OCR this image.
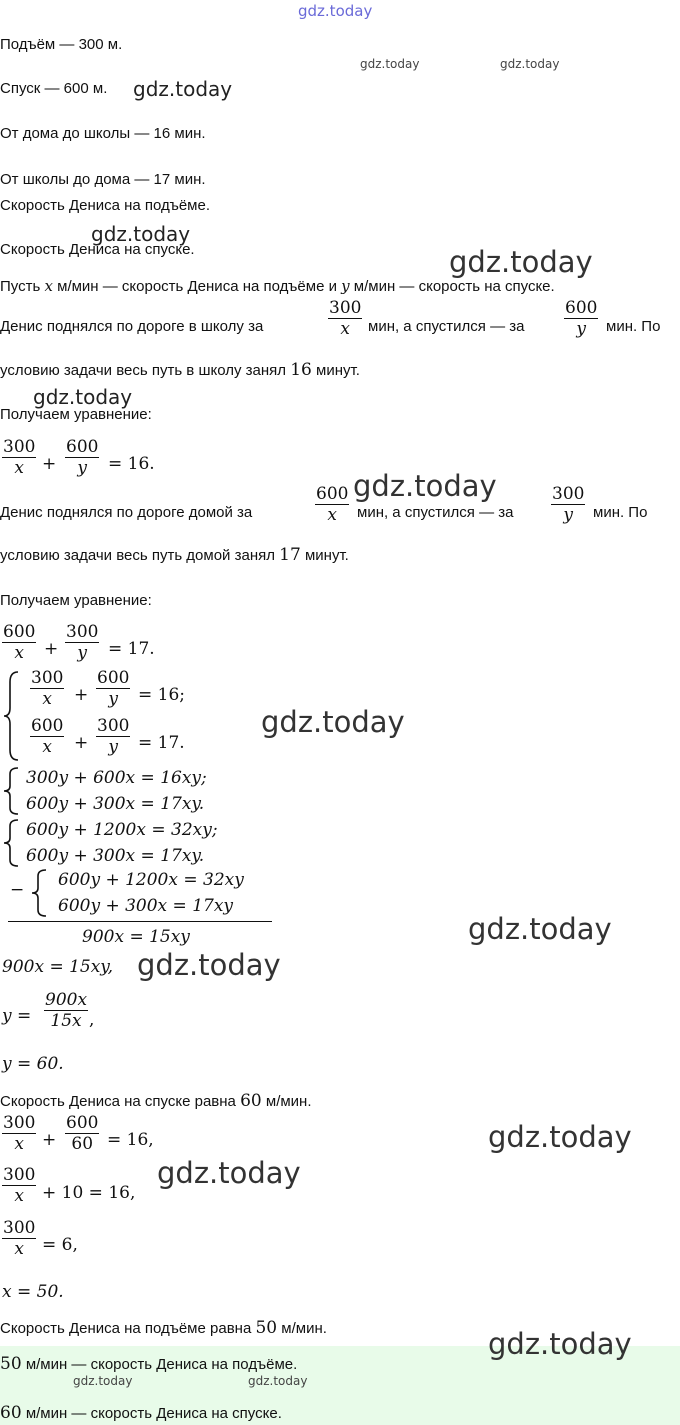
gdz.today
gdz.today	gdz.today
gdz.today
gdz.today
gdz.today
gdz.today
gdz.today
gdz.today
gdz.today
gdz.today
gdz.today
gdz.today
Подъём — 300 м.
Спуск — 600 м.
От дома до школы — 16 мин.
От школы до дома — 17 мин.
Скорость Дениса на подъёме.
Скорость Дениса на спуске.
Пусть x м/мин — скорость Дениса на подъёме и y м/мин — скорость на спуске.
Денис поднялся по дороге в школу за	$\frac{300}{x}$ мин, а спустился — за $\frac{600}{y}$ мин. По
условию задачи весь путь в школу занял 16 минут.
Получаем уравнение:
$\frac{300}{x} + \frac{600}{y} = 16$.
Денис поднялся по дороге домой за	$\frac{600}{x}$ мин, а спустился — за $\frac{300}{y}$ мин. По
условию задачи весь путь домой занял 17 минут.
Получаем уравнение:
$\frac{600}{x} + \frac{300}{y} = 17$.
$\frac{300}{x} + \frac{600}{y} = 16$;
$\frac{600}{x} + \frac{300}{y} = 17$.
300y + 600x = 16xy;
600y + 300x = 17xy.
600y + 1200x = 32xy;
600y + 300x = 17xy.
− 600y + 1200x = 32xy
600y + 300x = 17xy
900x = 15xy
900x = 15xy,
$y = \frac{900x}{15x}$ ,
y = 60.
Скорость Дениса на спуске равна 60 м/мин.
$\frac{300}{x} + \frac{600}{60} = 16$,
$\frac{300}{x} + 10 = 16$,
$\frac{300}{x} = 6$,
x = 50.
Скорость Дениса на подъёме равна 50 м/мин.
50 м/мин — скорость Дениса на подъёме.
60 м/мин — скорость Дениса на спуске.
gdz.today
gdz.today	gdz.today
